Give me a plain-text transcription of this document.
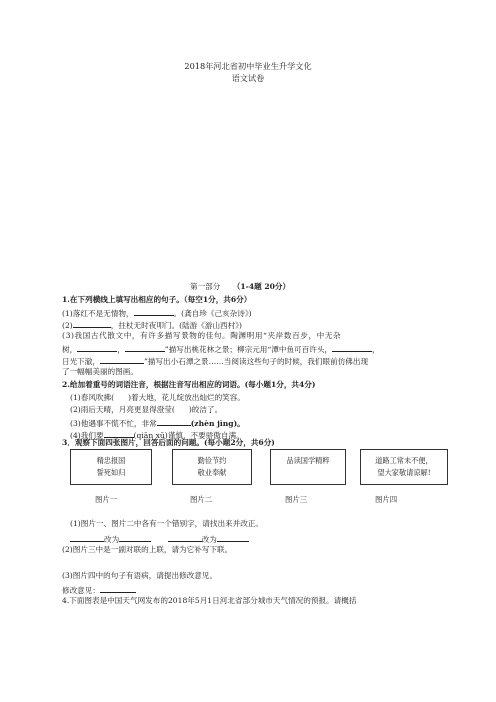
2018年河北省初中毕业生升学文化
语文试卷
第一部分 （1-4题 20分）
1.在下列横线上填写出相应的句子。（每空1分，共6分）
(1)落红不是无情物，	。(龚自珍《己亥杂诗》)
(2)	，拄杖无时夜叩门。(陆游《游山西村》)
(3)我国古代散文中，有许多描写景物的佳句。陶渊明用“夹岸数百步，中无杂
树，	，	”描写出桃花林之景；柳宗元用“潭中鱼可百许头，	，
日光下澈，	”描写出小石潭之景……当阅读这些句子的时候，我们眼前仿佛出现
了一幅幅美丽的图画。
2.给加着重号的词语注音，根据注音写出相应的词语。(每小题1分，共4分)
(1)春风吹拂( )着大地，花儿绽放出灿烂的笑容。
(2)雨后天晴，月亮更显得澄莹( )皎洁了。
(3)他遇事不慌不忙，非常	(zhèn jìng)。
(4)我们要	(qiān xū)谨慎，不要骄傲自满。
3．观察下面四张图片，回答后面的问题。(每小题2分，共6分)
精忠报国
誓死如归
勤俭节约
敬业奉献
品读国学精粹	道路工常未不便，
望大家敬请谅解!
图片一	图片二	图片三	图片四
(1)图片一、图片二中各有一个错别字，请找出来并改正。
改为	改为
(2)图片三中是一副对联的上联，请为它补写下联。
(3)图片四中的句子有语病，请提出修改意见。
修改意见：
4.下面图表是中国天气网发布的2018年5月1日河北省部分城市天气情况的预报。请概括
